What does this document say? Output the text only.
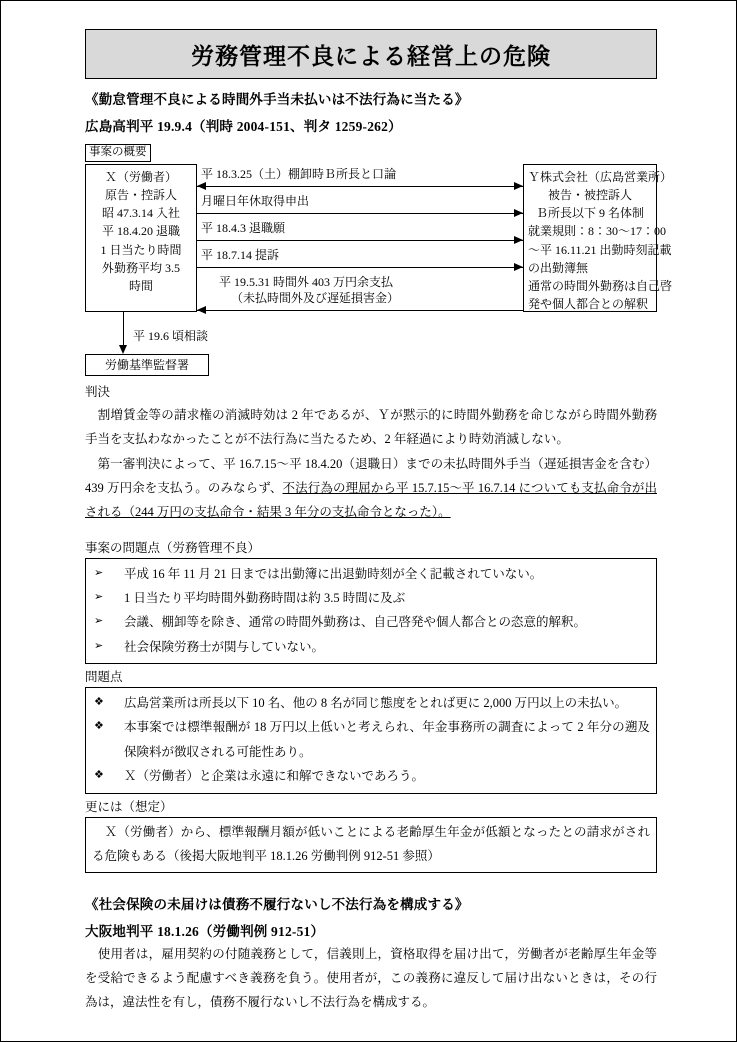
労務管理不良による経営上の危険
《勤怠管理不良による時間外手当未払いは不法行為に当たる》
広島高判平 19.9.4（判時 2004-151、判タ 1259-262）
事案の概要
Ｘ（労働者）
原告・控訴人
昭 47.3.14 入社
平 18.4.20 退職
1 日当たり時間
外勤務平均 3.5
時間
Ｙ株式会社（広島営業所）
被告・被控訴人
Ｂ所長以下 9 名体制
就業規則：8：30〜17：00
〜平 16.11.21 出勤時刻記載
の出勤簿無
通常の時間外勤務は自己啓
発や個人都合との解釈
平 18.3.25（土）棚卸時Ｂ所長と口論
月曜日年休取得申出
平 18.4.3 退職願
平 18.7.14 提訴
平 19.5.31 時間外 403 万円余支払
（未払時間外及び遅延損害金）
平 19.6 頃相談
労働基準監督署
判決
割増賃金等の請求権の消滅時効は 2 年であるが、Ｙが黙示的に時間外勤務を命じながら時間外勤務手当を支払わなかったことが不法行為に当たるため、2 年経過により時効消滅しない。
第一審判決によって、平 16.7.15〜平 18.4.20（退職日）までの未払時間外手当（遅延損害金を含む）439 万円余を支払う。のみならず、不法行為の理屈から平 15.7.15〜平 16.7.14 についても支払命令が出される（244 万円の支払命令・結果 3 年分の支払命令となった）。
事案の問題点（労務管理不良）
➢	平成 16 年 11 月 21 日までは出勤簿に出退勤時刻が全く記載されていない。
➢	1 日当たり平均時間外勤務時間は約 3.5 時間に及ぶ
➢	会議、棚卸等を除き、通常の時間外勤務は、自己啓発や個人都合との恣意的解釈。
➢	社会保険労務士が関与していない。
問題点
❖	広島営業所は所長以下 10 名、他の 8 名が同じ態度をとれば更に 2,000 万円以上の未払い。
❖	本事案では標準報酬が 18 万円以上低いと考えられ、年金事務所の調査によって 2 年分の遡及保険料が徴収される可能性あり。
❖	Ｘ（労働者）と企業は永遠に和解できないであろう。
更には（想定）
Ｘ（労働者）から、標準報酬月額が低いことによる老齢厚生年金が低額となったとの請求がされる危険もある（後掲大阪地判平 18.1.26 労働判例 912-51 参照）
《社会保険の未届けは債務不履行ないし不法行為を構成する》
大阪地判平 18.1.26（労働判例 912-51）
使用者は，雇用契約の付随義務として，信義則上，資格取得を届け出て，労働者が老齢厚生年金等を受給できるよう配慮すべき義務を負う。使用者が，この義務に違反して届け出ないときは，その行為は，違法性を有し，債務不履行ないし不法行為を構成する。
